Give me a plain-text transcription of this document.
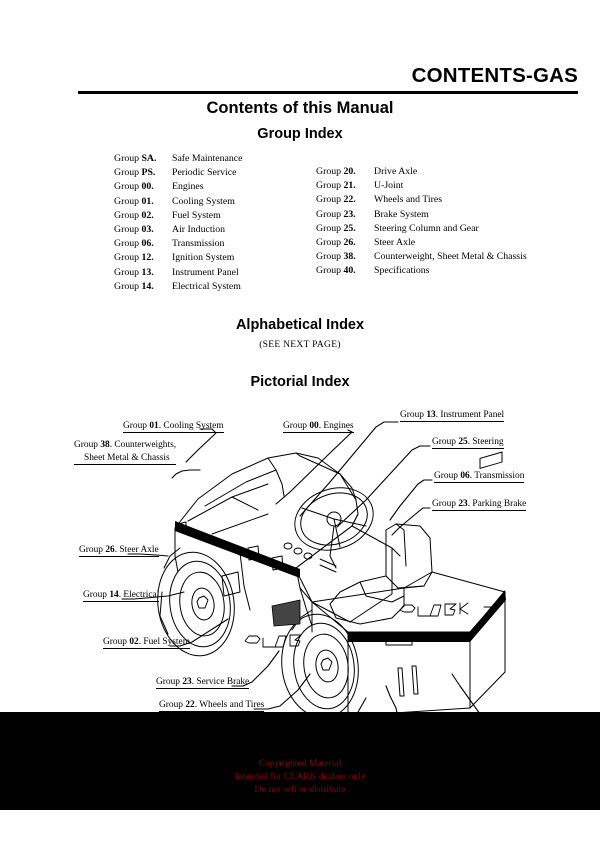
CONTENTS-GAS
Contents of this Manual
Group Index
Group SA.	Safe Maintenance
Group PS.	Periodic Service
Group 00.	Engines
Group 01.	Cooling System
Group 02.	Fuel System
Group 03.	Air Induction
Group 06.	Transmission
Group 12.	Ignition System
Group 13.	Instrument Panel
Group 14.	Electrical System
Group 20.	Drive Axle
Group 21.	U-Joint
Group 22.	Wheels and Tires
Group 23.	Brake System
Group 25.	Steering Column and Gear
Group 26.	Steer Axle
Group 38.	Counterweight, Sheet Metal & Chassis
Group 40.	Specifications
Alphabetical Index
(SEE NEXT PAGE)
Pictorial Index
Group 01. Cooling System
Group 38. Counterweights,
Sheet Metal & Chassis
Group 00. Engines
Group 13. Instrument Panel
Group 25. Steering
Group 06. Transmission
Group 23. Parking Brake
Group 26. Steer Axle
Group 14. Electrical
Group 02. Fuel System
Group 23. Service Brake
Group 22. Wheels and Tires
Copyrighted Material
Intended for CLARK dealers only
Do not sell or distribute
